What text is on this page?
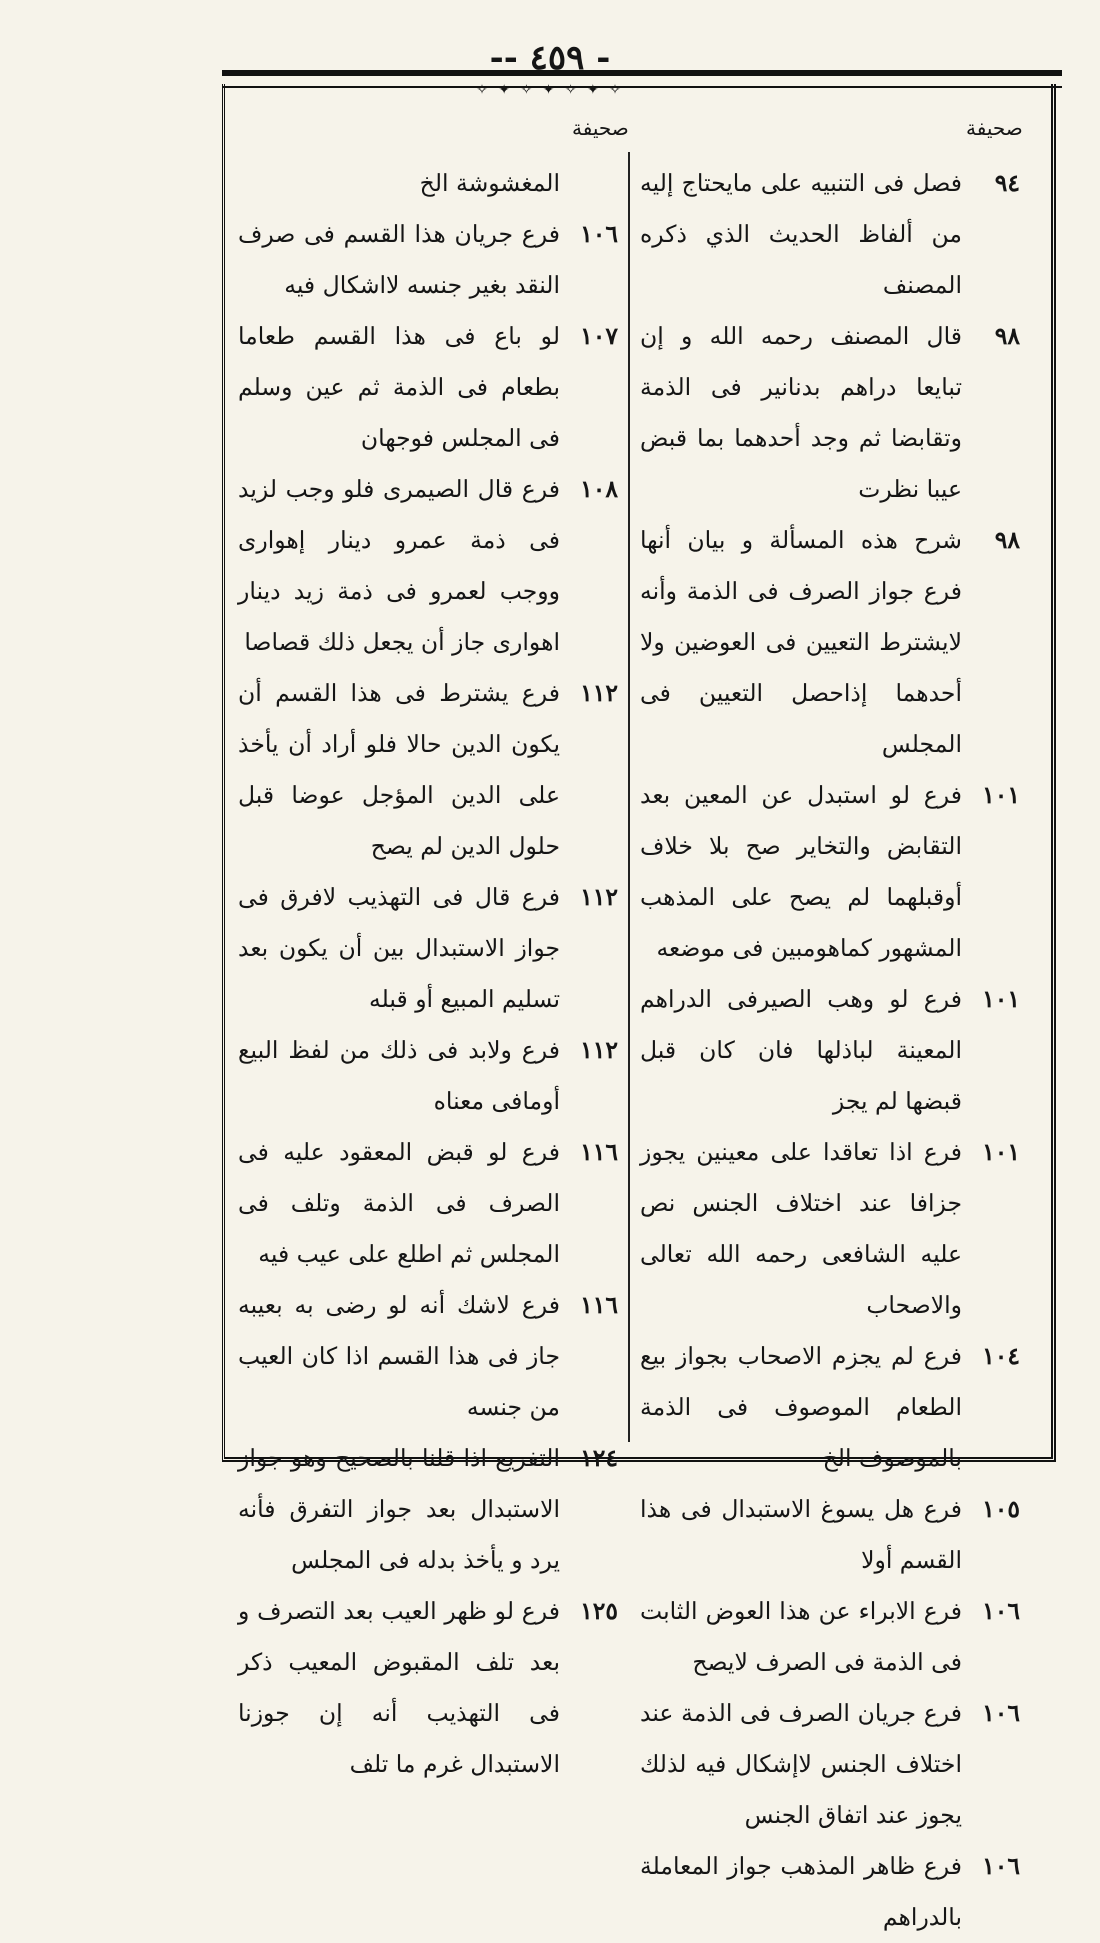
-- ٤٥٩ -
✧ ✦ ✧ ✦ ✧ ✦ ✧
صحيفة
صحيفة
٩٤
فصل فى التنبيه على مايحتاج إليه من ألفاظ الحديث الذي ذكره المصنف
٩٨
قال المصنف رحمه الله و إن تبايعا دراهم بدنانير فى الذمة وتقابضا ثم وجد أحدهما بما قبض عيبا نظرت
٩٨
شرح هذه المسألة و بيان أنها فرع جواز الصرف فى الذمة وأنه لايشترط التعيين فى العوضين ولا أحدهما إذاحصل التعيين فى المجلس
١٠١
فرع لو استبدل عن المعين بعد التقابض والتخاير صح بلا خلاف أوقبلهما لم يصح على المذهب المشهور كماهومبين فى موضعه
١٠١
فرع لو وهب الصيرفى الدراهم المعينة لباذلها فان كان قبل قبضها لم يجز
١٠١
فرع اذا تعاقدا على معينين يجوز جزافا عند اختلاف الجنس نص عليه الشافعى رحمه الله تعالى والاصحاب
١٠٤
فرع لم يجزم الاصحاب بجواز بيع الطعام الموصوف فى الذمة بالموصوف الخ
١٠٥
فرع هل يسوغ الاستبدال فى هذا القسم أولا
١٠٦
فرع الابراء عن هذا العوض الثابت فى الذمة فى الصرف لايصح
١٠٦
فرع جريان الصرف فى الذمة عند اختلاف الجنس لاإشكال فيه لذلك يجوز عند اتفاق الجنس
١٠٦
فرع ظاهر المذهب جواز المعاملة بالدراهم
المغشوشة الخ
١٠٦
فرع جريان هذا القسم فى صرف النقد بغير جنسه لااشكال فيه
١٠٧
لو باع فى هذا القسم طعاما بطعام فى الذمة ثم عين وسلم فى المجلس فوجهان
١٠٨
فرع قال الصيمرى فلو وجب لزيد فى ذمة عمرو دينار إهوارى ووجب لعمرو فى ذمة زيد دينار اهوارى جاز أن يجعل ذلك قصاصا
١١٢
فرع يشترط فى هذا القسم أن يكون الدين حالا فلو أراد أن يأخذ على الدين المؤجل عوضا قبل حلول الدين لم يصح
١١٢
فرع قال فى التهذيب لافرق فى جواز الاستبدال بين أن يكون بعد تسليم المبيع أو قبله
١١٢
فرع ولابد فى ذلك من لفظ البيع أومافى معناه
١١٦
فرع لو قبض المعقود عليه فى الصرف فى الذمة وتلف فى المجلس ثم اطلع على عيب فيه
١١٦
فرع لاشك أنه لو رضى به بعيبه جاز فى هذا القسم اذا كان العيب من جنسه
١٢٤
التفريع اذا قلنا بالصحيح وهو جواز الاستبدال بعد جواز التفرق فأنه يرد و يأخذ بدله فى المجلس
١٢٥
فرع لو ظهر العيب بعد التصرف و بعد تلف المقبوض المعيب ذكر فى التهذيب أنه إن جوزنا الاستبدال غرم ما تلف
